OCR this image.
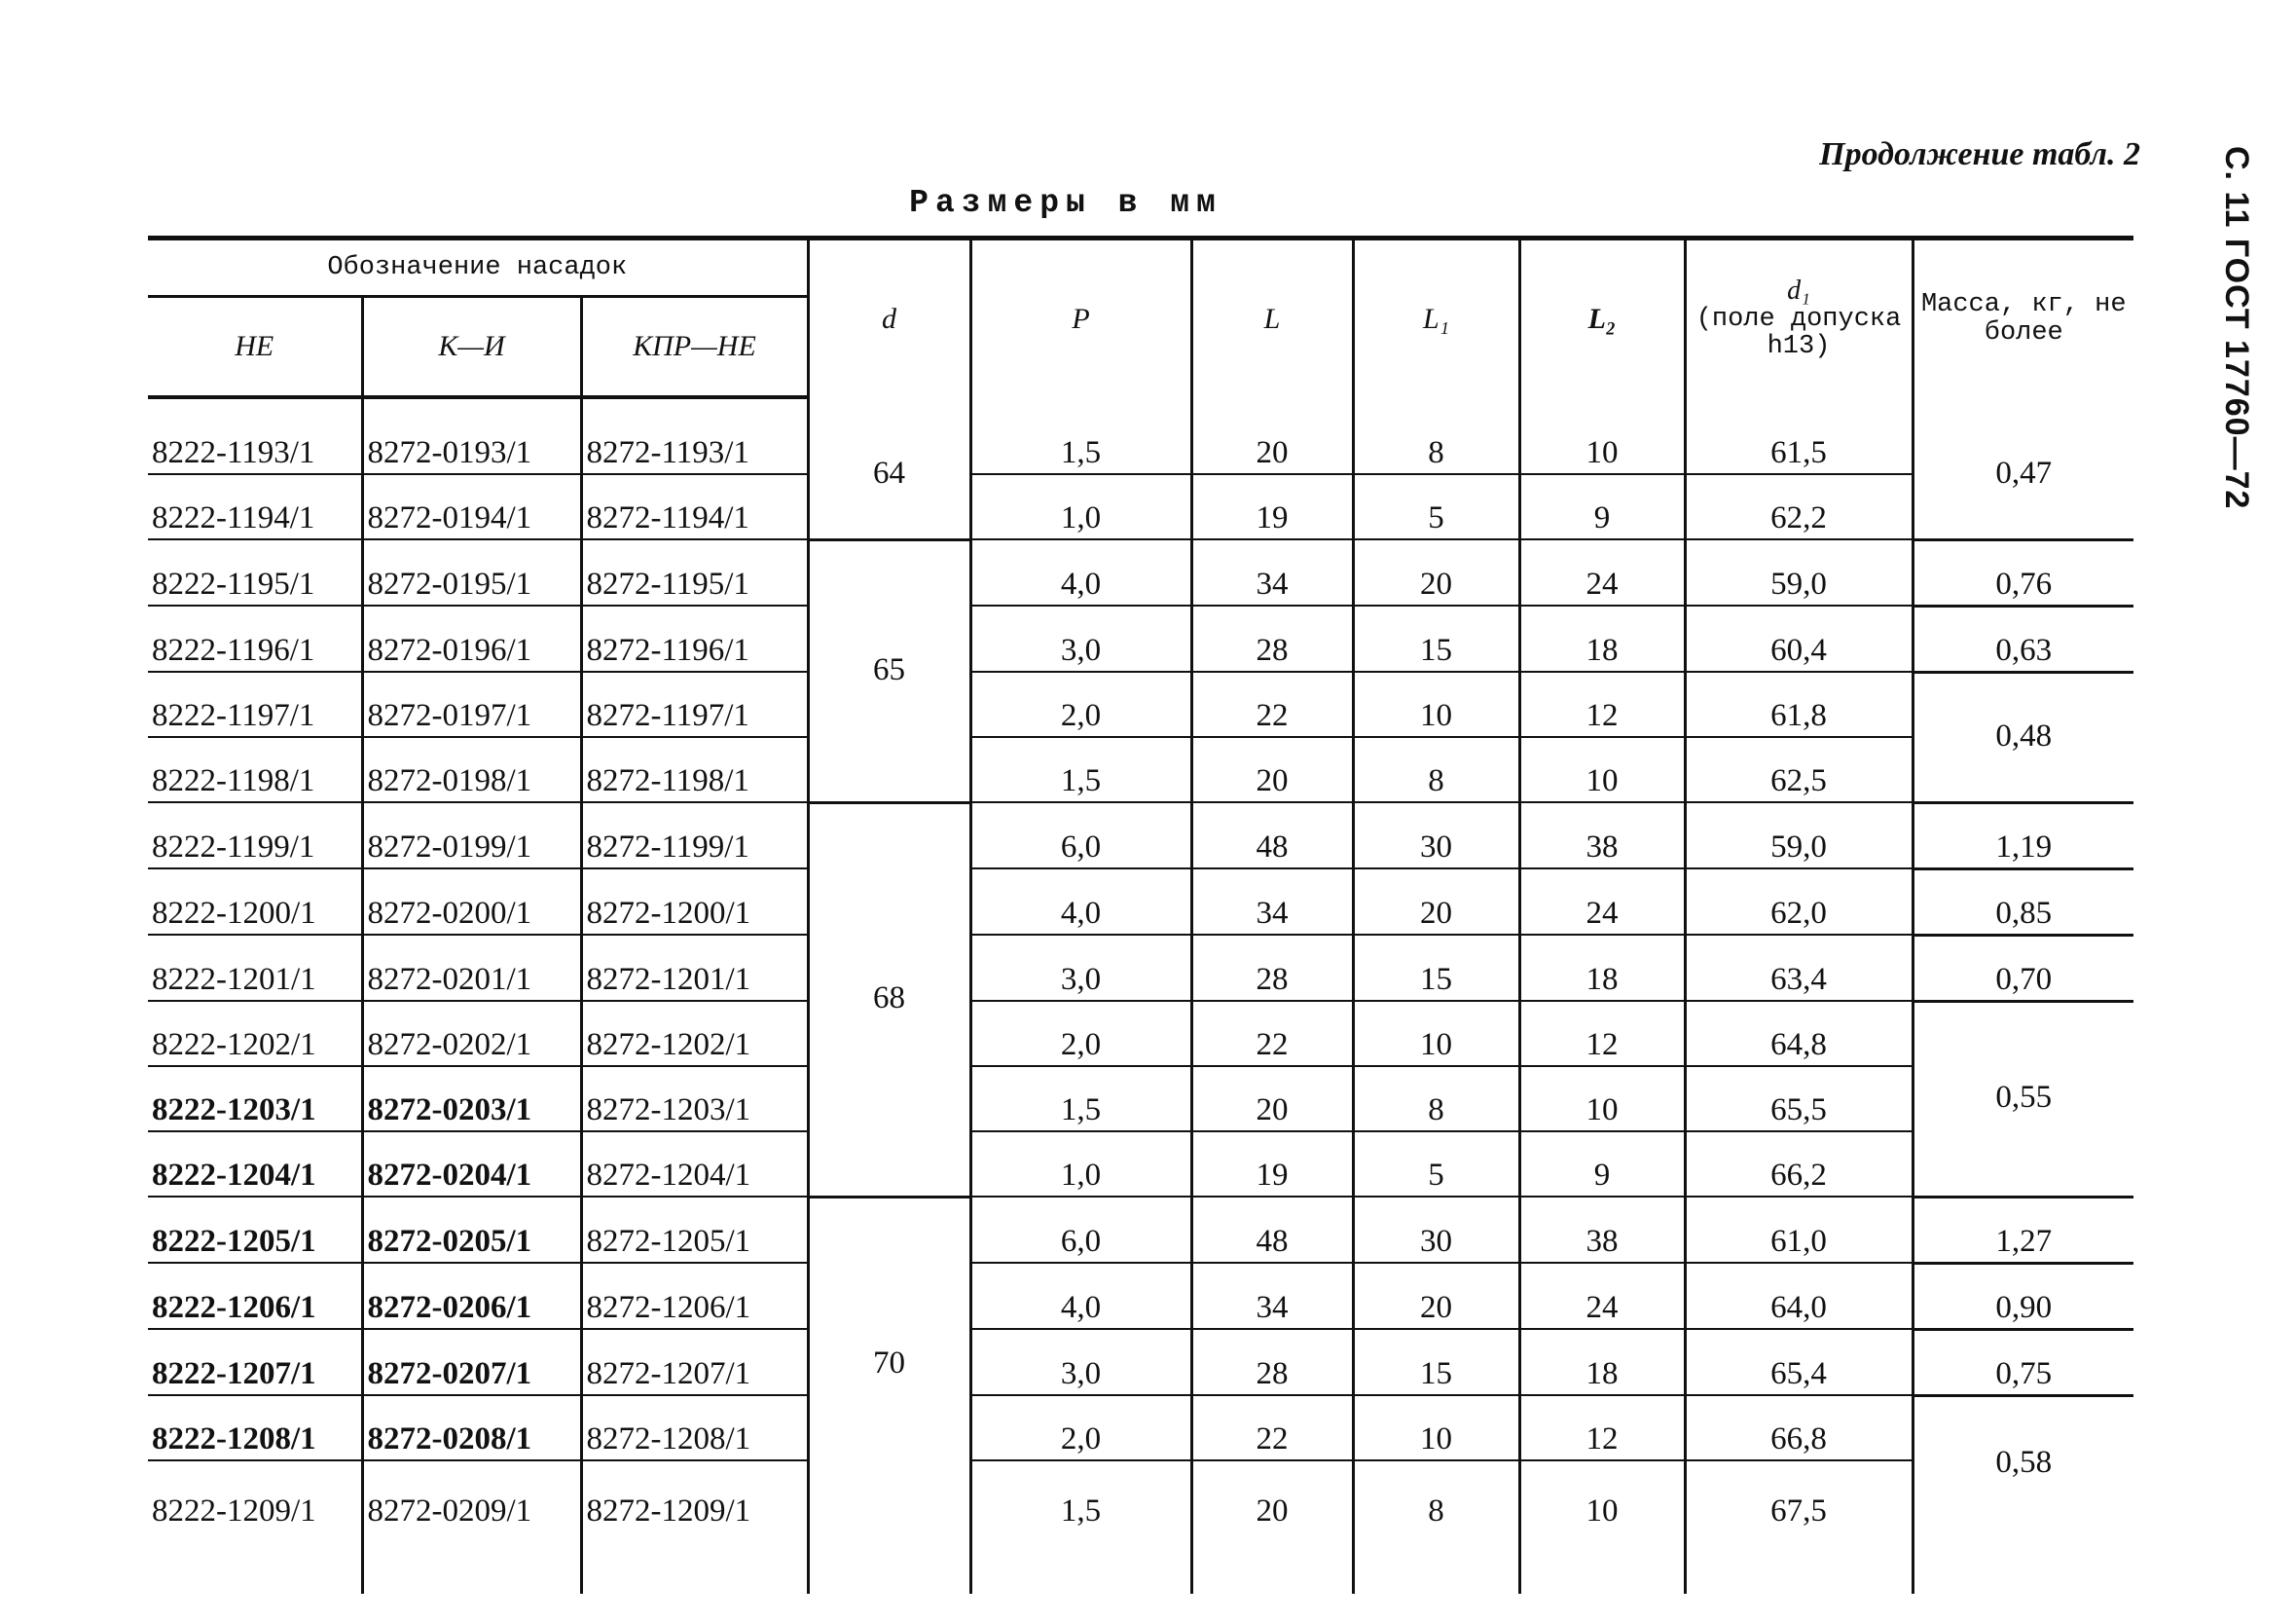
Продолжение табл. 2
Размеры в мм	С. 11 ГОСТ 17760—72
Обозначение насадок			d	P	L	L₁	L₂	d₁
(поле допуска h13)	Масса, кг, не более
НЕ	К—И	КПР—НЕ							
8222-1193/1	8272-0193/1	8272-1193/1	64	1,5	20	8	10	61,5	0,47
8222-1194/1	8272-0194/1	8272-1194/1		1,0	19	5	9	62,2	
8222-1195/1	8272-0195/1	8272-1195/1	65	4,0	34	20	24	59,0	0,76
8222-1196/1	8272-0196/1	8272-1196/1		3,0	28	15	18	60,4	0,63
8222-1197/1	8272-0197/1	8272-1197/1		2,0	22	10	12	61,8	0,48
8222-1198/1	8272-0198/1	8272-1198/1		1,5	20	8	10	62,5	
8222-1199/1	8272-0199/1	8272-1199/1	68	6,0	48	30	38	59,0	1,19
8222-1200/1	8272-0200/1	8272-1200/1		4,0	34	20	24	62,0	0,85
8222-1201/1	8272-0201/1	8272-1201/1		3,0	28	15	18	63,4	0,70
8222-1202/1	8272-0202/1	8272-1202/1		2,0	22	10	12	64,8	0,55
8222-1203/1	8272-0203/1	8272-1203/1		1,5	20	8	10	65,5	
8222-1204/1	8272-0204/1	8272-1204/1		1,0	19	5	9	66,2	
8222-1205/1	8272-0205/1	8272-1205/1	70	6,0	48	30	38	61,0	1,27
8222-1206/1	8272-0206/1	8272-1206/1		4,0	34	20	24	64,0	0,90
8222-1207/1	8272-0207/1	8272-1207/1		3,0	28	15	18	65,4	0,75
8222-1208/1	8272-0208/1	8272-1208/1		2,0	22	10	12	66,8	0,58
8222-1209/1	8272-0209/1	8272-1209/1		1,5	20	8	10	67,5	
